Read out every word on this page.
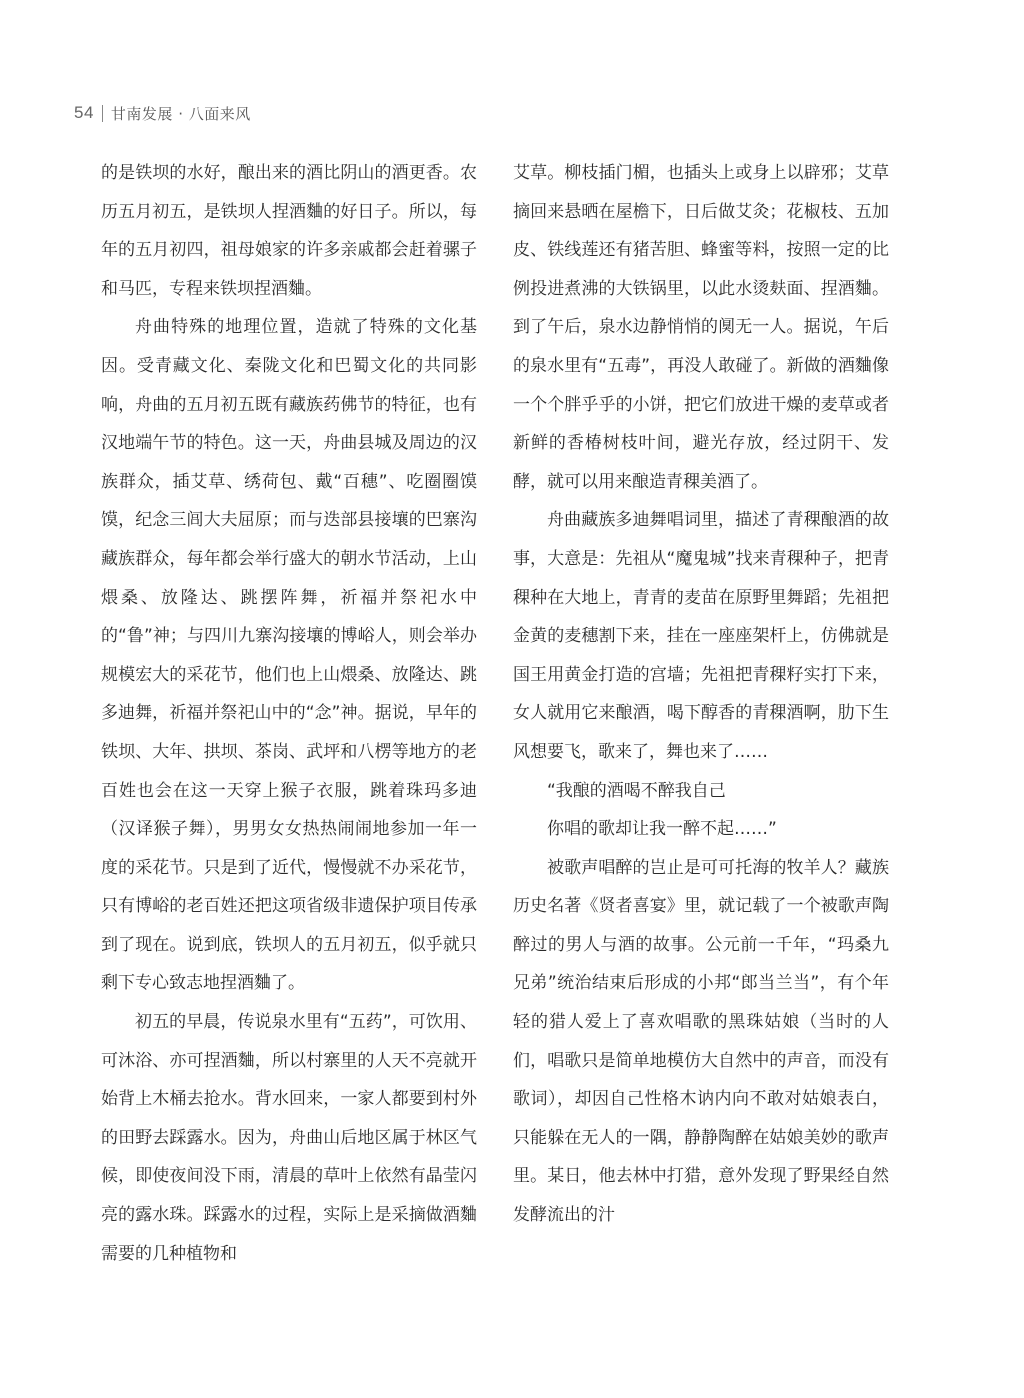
54 甘南发展 · 八面来风

的是铁坝的水好，酿出来的酒比阴山的酒更香。农历五月初五，是铁坝人捏酒麯的好日子。所以，每年的五月初四，祖母娘家的许多亲戚都会赶着骡子和马匹，专程来铁坝捏酒麯。

舟曲特殊的地理位置，造就了特殊的文化基因。受青藏文化、秦陇文化和巴蜀文化的共同影响，舟曲的五月初五既有藏族药佛节的特征，也有汉地端午节的特色。这一天，舟曲县城及周边的汉族群众，插艾草、绣荷包、戴“百穗”、吃圈圈馍馍，纪念三闾大夫屈原；而与迭部县接壤的巴寨沟藏族群众，每年都会举行盛大的朝水节活动，上山煨桑、放隆达、跳摆阵舞，祈福并祭祀水中的“鲁”神；与四川九寨沟接壤的博峪人，则会举办规模宏大的采花节，他们也上山煨桑、放隆达、跳多迪舞，祈福并祭祀山中的“念”神。据说，早年的铁坝、大年、拱坝、茶岗、武坪和八楞等地方的老百姓也会在这一天穿上猴子衣服，跳着珠玛多迪（汉译猴子舞），男男女女热热闹闹地参加一年一度的采花节。只是到了近代，慢慢就不办采花节，只有博峪的老百姓还把这项省级非遗保护项目传承到了现在。说到底，铁坝人的五月初五，似乎就只剩下专心致志地捏酒麯了。

初五的早晨，传说泉水里有“五药”，可饮用、可沐浴、亦可捏酒麯，所以村寨里的人天不亮就开始背上木桶去抢水。背水回来，一家人都要到村外的田野去踩露水。因为，舟曲山后地区属于林区气候，即使夜间没下雨，清晨的草叶上依然有晶莹闪亮的露水珠。踩露水的过程，实际上是采摘做酒麯需要的几种植物和

艾草。柳枝插门楣，也插头上或身上以辟邪；艾草摘回来悬晒在屋檐下，日后做艾灸；花椒枝、五加皮、铁线莲还有猪苦胆、蜂蜜等料，按照一定的比例投进煮沸的大铁锅里，以此水烫麸面、捏酒麯。到了午后，泉水边静悄悄的阒无一人。据说，午后的泉水里有“五毒”，再没人敢碰了。新做的酒麯像一个个胖乎乎的小饼，把它们放进干燥的麦草或者新鲜的香椿树枝叶间，避光存放，经过阴干、发酵，就可以用来酿造青稞美酒了。

舟曲藏族多迪舞唱词里，描述了青稞酿酒的故事，大意是：先祖从“魔鬼城”找来青稞种子，把青稞种在大地上，青青的麦苗在原野里舞蹈；先祖把金黄的麦穗割下来，挂在一座座架杆上，仿佛就是国王用黄金打造的宫墙；先祖把青稞籽实打下来，女人就用它来酿酒，喝下醇香的青稞酒啊，肋下生风想要飞，歌来了，舞也来了……

“我酿的酒喝不醉我自己

你唱的歌却让我一醉不起……”

被歌声唱醉的岂止是可可托海的牧羊人？藏族历史名著《贤者喜宴》里，就记载了一个被歌声陶醉过的男人与酒的故事。公元前一千年，“玛桑九兄弟”统治结束后形成的小邦“郎当兰当”，有个年轻的猎人爱上了喜欢唱歌的黑珠姑娘（当时的人们，唱歌只是简单地模仿大自然中的声音，而没有歌词），却因自己性格木讷内向不敢对姑娘表白，只能躲在无人的一隅，静静陶醉在姑娘美妙的歌声里。某日，他去林中打猎，意外发现了野果经自然发酵流出的汁
